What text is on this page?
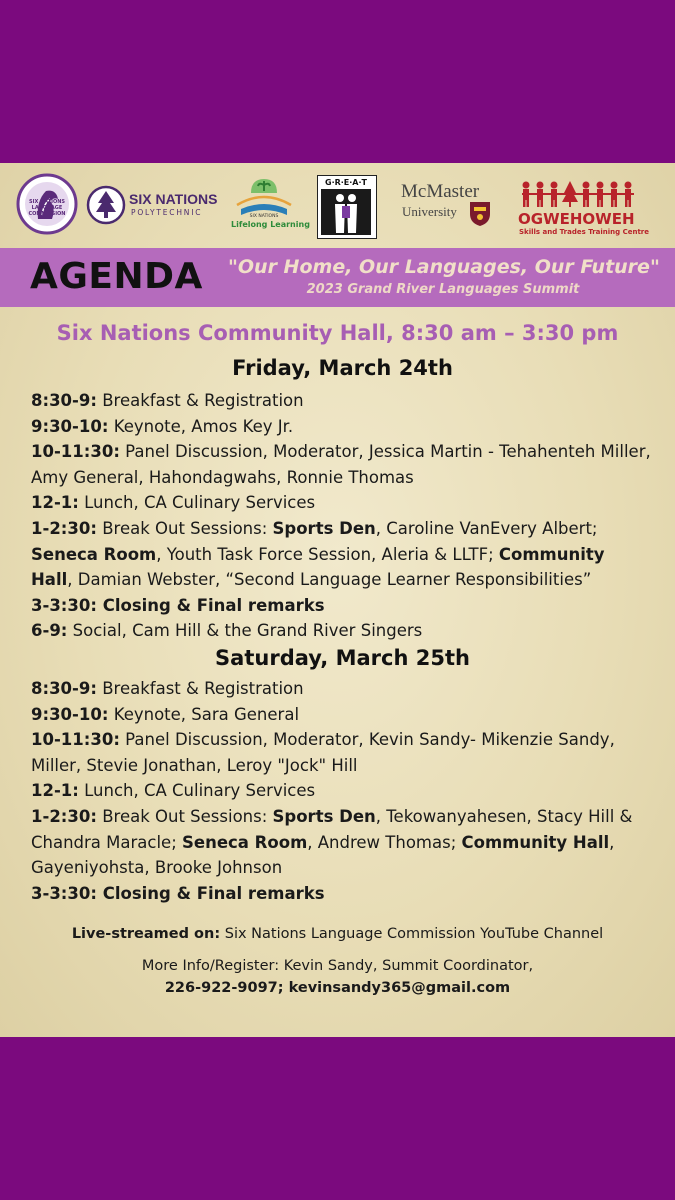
SIX NATIONS LANGUAGE COMMISSION
SIX NATIONS
POLYTECHNIC	SIX NATIONS
Lifelong Learning
G·R·E·A·T	McMaster
University	OGWEHOWEH
Skills and Trades Training Centre
AGENDA "Our Home, Our Languages, Our Future"
2023 Grand River Languages Summit
Six Nations Community Hall, 8:30 am – 3:30 pm
Friday, March 24th
8:30-9: Breakfast & Registration
9:30-10: Keynote, Amos Key Jr.
10-11:30: Panel Discussion, Moderator, Jessica Martin - Tehahenteh Miller, Amy General, Hahondagwahs, Ronnie Thomas
12-1: Lunch, CA Culinary Services
1-2:30: Break Out Sessions: Sports Den, Caroline VanEvery Albert; Seneca Room, Youth Task Force Session, Aleria & LLTF; Community Hall, Damian Webster, “Second Language Learner Responsibilities”
3-3:30: Closing & Final remarks
6-9: Social, Cam Hill & the Grand River Singers
Saturday, March 25th
8:30-9: Breakfast & Registration
9:30-10: Keynote, Sara General
10-11:30: Panel Discussion, Moderator, Kevin Sandy- Mikenzie Sandy, Miller, Stevie Jonathan, Leroy "Jock" Hill
12-1: Lunch, CA Culinary Services
1-2:30: Break Out Sessions: Sports Den, Tekowanyahesen, Stacy Hill & Chandra Maracle; Seneca Room, Andrew Thomas; Community Hall, Gayeniyohsta, Brooke Johnson
3-3:30: Closing & Final remarks
Live-streamed on: Six Nations Language Commission YouTube Channel
More Info/Register: Kevin Sandy, Summit Coordinator,
226-922-9097; kevinsandy365@gmail.com
